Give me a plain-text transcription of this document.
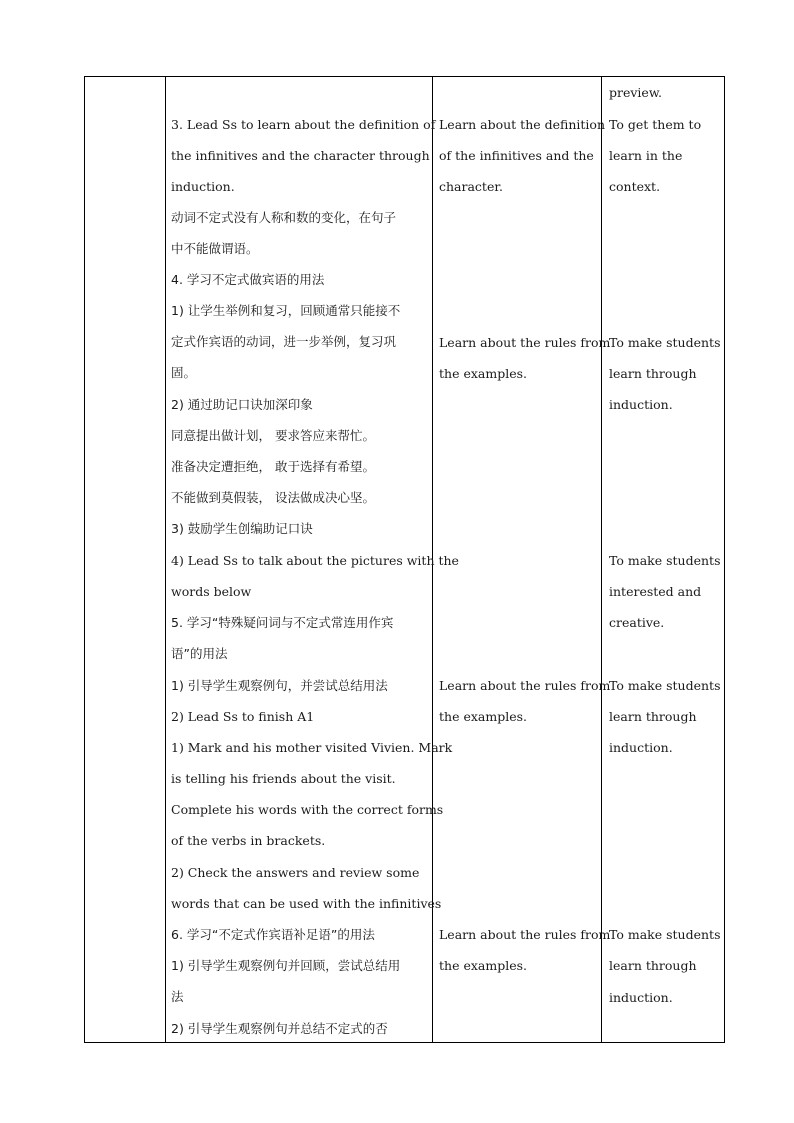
3. Lead Ss to learn about the definition of
the infinitives and the character through
induction.
动词不定式没有人称和数的变化，在句子
中不能做谓语。
4. 学习不定式做宾语的用法
1) 让学生举例和复习，回顾通常只能接不
定式作宾语的动词，进一步举例，复习巩
固。
2) 通过助记口诀加深印象
同意提出做计划， 要求答应来帮忙。
准备决定遭拒绝， 敢于选择有希望。
不能做到莫假装， 设法做成决心坚。
3) 鼓励学生创编助记口诀
4) Lead Ss to talk about the pictures with the
words below
5. 学习“特殊疑问词与不定式常连用作宾
语”的用法
1) 引导学生观察例句，并尝试总结用法
2) Lead Ss to finish A1
1) Mark and his mother visited Vivien. Mark
is telling his friends about the visit.
Complete his words with the correct forms
of the verbs in brackets.
2) Check the answers and review some
words that can be used with the infinitives
6. 学习“不定式作宾语补足语”的用法
1) 引导学生观察例句并回顾，尝试总结用
法
2) 引导学生观察例句并总结不定式的否
Learn about the definition
of the infinitives and the
character.
Learn about the rules from
the examples.
Learn about the rules from
the examples.
Learn about the rules from
the examples.
preview.
To get them to
learn in the
context.
To make students
learn through
induction.
To make students
interested and
creative.
To make students
learn through
induction.
To make students
learn through
induction.
